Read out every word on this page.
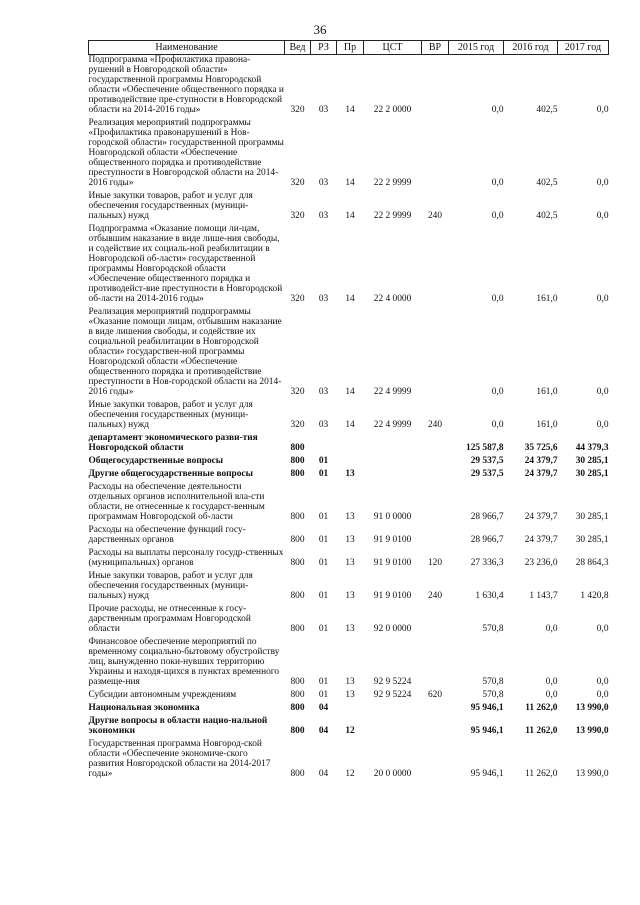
36
Наименование	Вед	РЗ	Пр	ЦСТ	ВР	2015 год	2016 год	2017 год
Подпрограмма «Профилактика правона-рушений в Новгородской области» государственной программы Новгородской области «Обеспечение общественного порядка и противодействие пре-ступности в Новгородской области на 2014-2016 годы»	320	03	14	22 2 0000		0,0	402,5	0,0
Реализация мероприятий подпрограммы «Профилактика правонарушений в Нов-городской области» государственной программы Новгородской области «Обеспечение общественного порядка и противодействие преступности в Новгородской области на 2014-2016 годы»	320	03	14	22 2 9999		0,0	402,5	0,0
Иные закупки товаров, работ и услуг для обеспечения государственных (муници-пальных) нужд	320	03	14	22 2 9999	240	0,0	402,5	0,0
Подпрограмма «Оказание помощи ли-цам, отбывшим наказание в виде лише-ния свободы, и содействие их социаль-ной реабилитации в Новгородской об-ласти» государственной программы Новгородской области «Обеспечение общественного порядка и противодейст-вие преступности в Новгородской об-ласти на 2014-2016 годы»	320	03	14	22 4 0000		0,0	161,0	0,0
Реализация мероприятий подпрограммы «Оказание помощи лицам, отбывшим наказание в виде лишения свободы, и содействие их социальной реабилитации в Новгородской области» государствен-ной программы Новгородской области «Обеспечение общественного порядка и противодействие преступности в Нов-городской области на 2014-2016 годы»	320	03	14	22 4 9999		0,0	161,0	0,0
Иные закупки товаров, работ и услуг для обеспечения государственных (муници-пальных) нужд	320	03	14	22 4 9999	240	0,0	161,0	0,0
департамент экономического разви-тия Новгородской области	800					125 587,8	35 725,6	44 379,3
Общегосударственные вопросы	800	01				29 537,5	24 379,7	30 285,1
Другие общегосударственные вопросы	800	01	13			29 537,5	24 379,7	30 285,1
Расходы на обеспечение деятельности отдельных органов исполнительной вла-сти области, не отнесенные к государст-венным программам Новгородской об-ласти	800	01	13	91 0 0000		28 966,7	24 379,7	30 285,1
Расходы на обеспечение функций госу-дарственных органов	800	01	13	91 9 0100		28 966,7	24 379,7	30 285,1
Расходы на выплаты персоналу госудр-ственных (муниципальных) органов	800	01	13	91 9 0100	120	27 336,3	23 236,0	28 864,3
Иные закупки товаров, работ и услуг для обеспечения государственных (муници-пальных) нужд	800	01	13	91 9 0100	240	1 630,4	1 143,7	1 420,8
Прочие расходы, не отнесенные к госу-дарственным программам Новгородской области	800	01	13	92 0 0000		570,8	0,0	0,0
Финансовое обеспечение мероприятий по временному социально-бытовому обустройству лиц, вынужденно поки-нувших территорию Украины и находя-щихся в пунктах временного размеще-ния	800	01	13	92 9 5224		570,8	0,0	0,0
Субсидии автономным учреждениям	800	01	13	92 9 5224	620	570,8	0,0	0,0
Национальная экономика	800	04				95 946,1	11 262,0	13 990,0
Другие вопросы в области нацио-нальной экономики	800	04	12			95 946,1	11 262,0	13 990,0
Государственная программа Новгород-ской области «Обеспечение экономиче-ского развития Новгородской области на 2014-2017 годы»	800	04	12	20 0 0000		95 946,1	11 262,0	13 990,0
